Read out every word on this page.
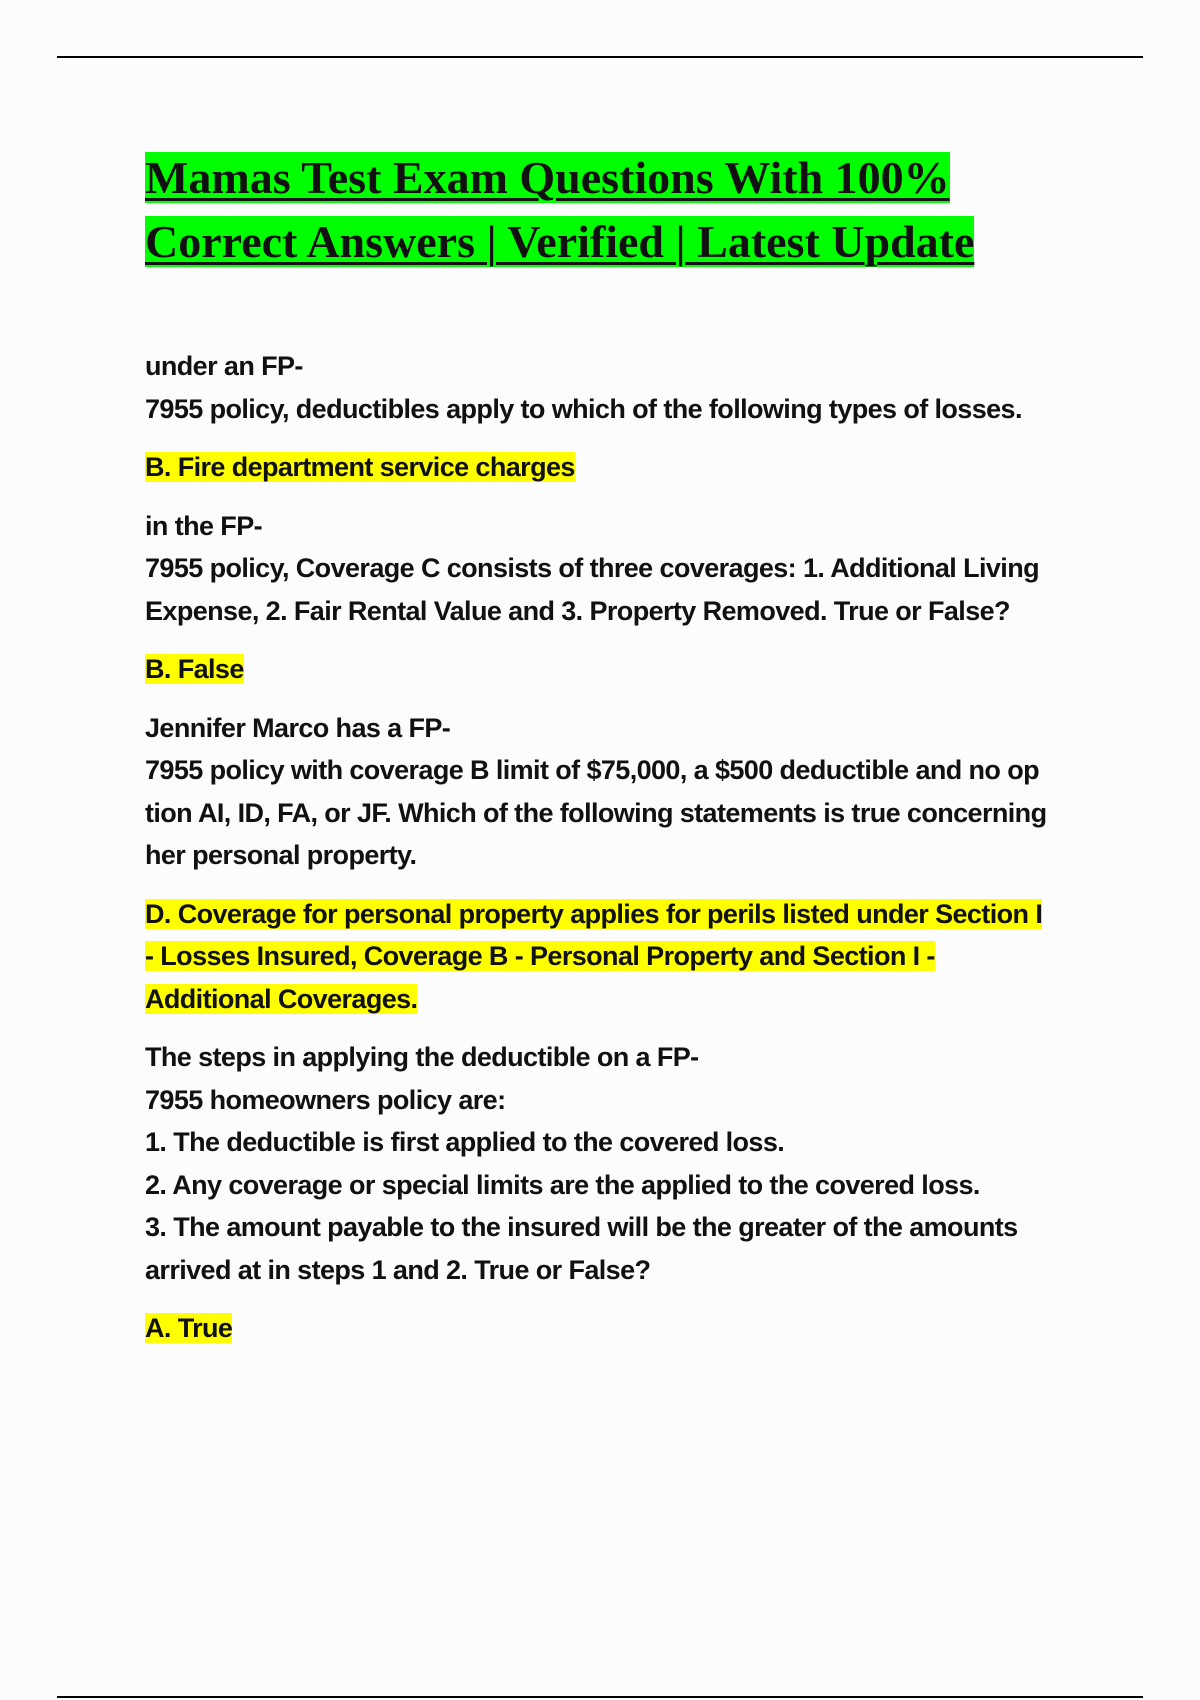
Mamas Test Exam Questions With 100%
Correct Answers | Verified | Latest Update
under an FP-
7955 policy, deductibles apply to which of the following types of losses.
B. Fire department service charges
in the FP-
7955 policy, Coverage C consists of three coverages: 1. Additional Living
Expense, 2. Fair Rental Value and 3. Property Removed. True or False?
B. False
Jennifer Marco has a FP-
7955 policy with coverage B limit of $75,000, a $500 deductible and no op
tion AI, ID, FA, or JF. Which of the following statements is true concerning
her personal property.
D. Coverage for personal property applies for perils listed under Section I
- Losses Insured, Coverage B - Personal Property and Section I -
Additional Coverages.
The steps in applying the deductible on a FP-
7955 homeowners policy are:
1. The deductible is first applied to the covered loss.
2. Any coverage or special limits are the applied to the covered loss.
3. The amount payable to the insured will be the greater of the amounts
arrived at in steps 1 and 2. True or False?
A. True
